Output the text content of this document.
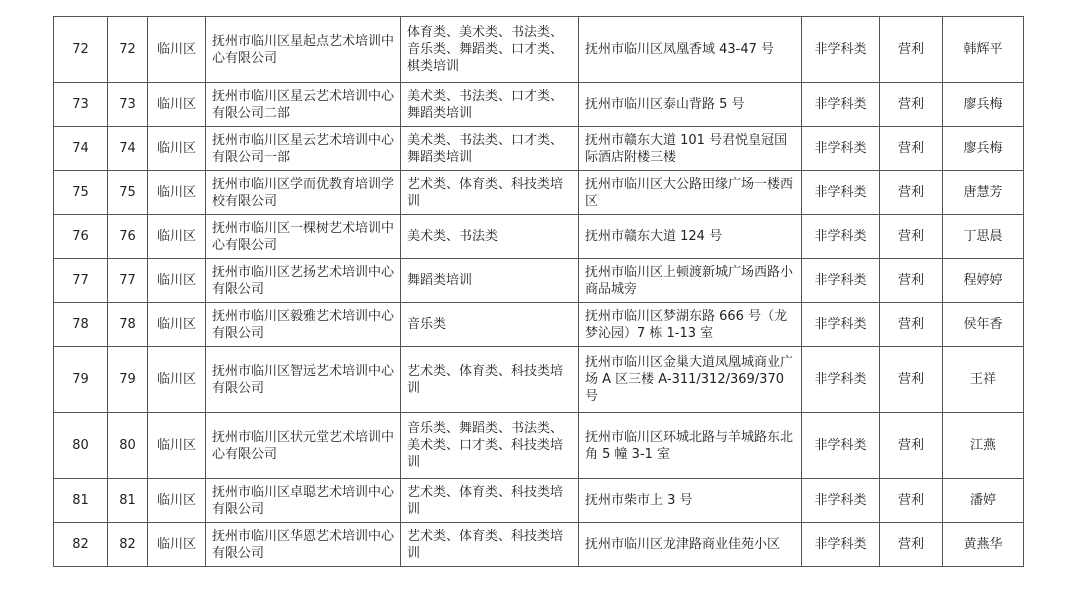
72	72	临川区	抚州市临川区星起点艺术培训中心有限公司	体育类、美术类、书法类、音乐类、舞蹈类、口才类、棋类培训	抚州市临川区凤凰香域 43-47 号	非学科类	营利	韩辉平
73	73	临川区	抚州市临川区星云艺术培训中心有限公司二部	美术类、书法类、口才类、舞蹈类培训	抚州市临川区泰山背路 5 号	非学科类	营利	廖兵梅
74	74	临川区	抚州市临川区星云艺术培训中心有限公司一部	美术类、书法类、口才类、舞蹈类培训	抚州市赣东大道 101 号君悦皇冠国际酒店附楼三楼	非学科类	营利	廖兵梅
75	75	临川区	抚州市临川区学而优教育培训学校有限公司	艺术类、体育类、科技类培训	抚州市临川区大公路田缘广场一楼西区	非学科类	营利	唐慧芳
76	76	临川区	抚州市临川区一棵树艺术培训中心有限公司	美术类、书法类	抚州市赣东大道 124 号	非学科类	营利	丁思晨
77	77	临川区	抚州市临川区艺扬艺术培训中心有限公司	舞蹈类培训	抚州市临川区上顿渡新城广场西路小商品城旁	非学科类	营利	程婷婷
78	78	临川区	抚州市临川区毅雅艺术培训中心有限公司	音乐类	抚州市临川区梦湖东路 666 号（龙梦沁园）7 栋 1-13 室	非学科类	营利	侯年香
79	79	临川区	抚州市临川区智远艺术培训中心有限公司	艺术类、体育类、科技类培训	抚州市临川区金巢大道凤凰城商业广场 A 区三楼 A-311/312/369/370 号	非学科类	营利	王祥
80	80	临川区	抚州市临川区状元堂艺术培训中心有限公司	音乐类、舞蹈类、书法类、美术类、口才类、科技类培训	抚州市临川区环城北路与羊城路东北角 5 幢 3-1 室	非学科类	营利	江燕
81	81	临川区	抚州市临川区卓聪艺术培训中心有限公司	艺术类、体育类、科技类培训	抚州市柴市上 3 号	非学科类	营利	潘婷
82	82	临川区	抚州市临川区华恩艺术培训中心有限公司	艺术类、体育类、科技类培训	抚州市临川区龙津路商业佳苑小区	非学科类	营利	黄燕华
